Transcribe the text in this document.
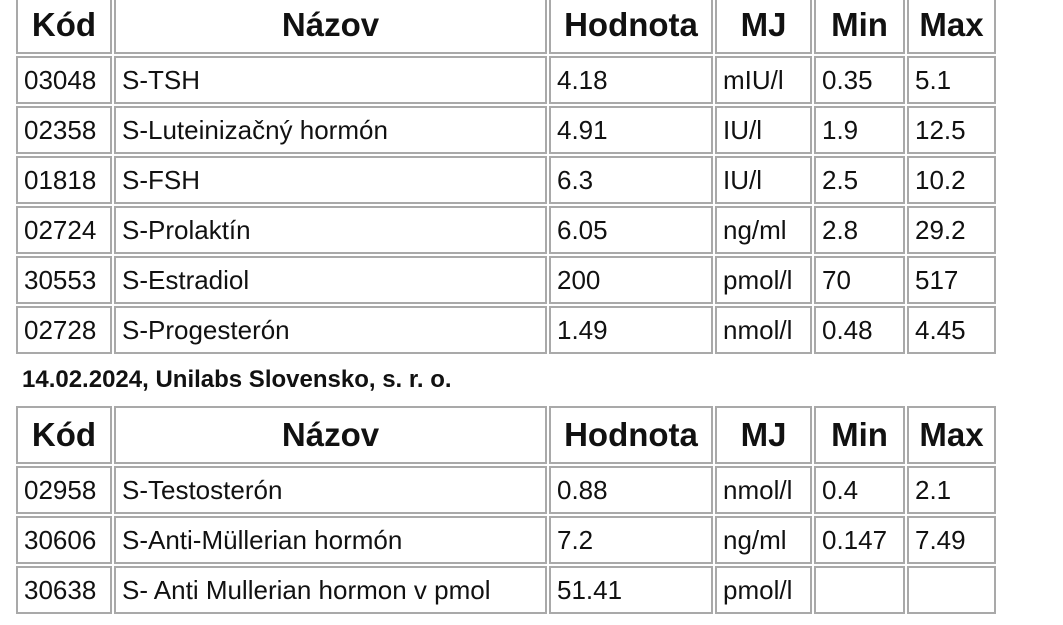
Kód	Názov	Hodnota	MJ	Min	Max
03048	S-TSH	4.18	mIU/l	0.35	5.1
02358	S-Luteinizačný hormón	4.91	IU/l	1.9	12.5
01818	S-FSH	6.3	IU/l	2.5	10.2
02724	S-Prolaktín	6.05	ng/ml	2.8	29.2
30553	S-Estradiol	200	pmol/l	70	517
02728	S-Progesterón	1.49	nmol/l	0.48	4.45
14.02.2024, Unilabs Slovensko, s. r. o.					
Kód	Názov	Hodnota	MJ	Min	Max
02958	S-Testosterón	0.88	nmol/l	0.4	2.1
30606	S-Anti-Müllerian hormón	7.2	ng/ml	0.147	7.49
30638	S- Anti Mullerian hormon v pmol	51.41	pmol/l		
